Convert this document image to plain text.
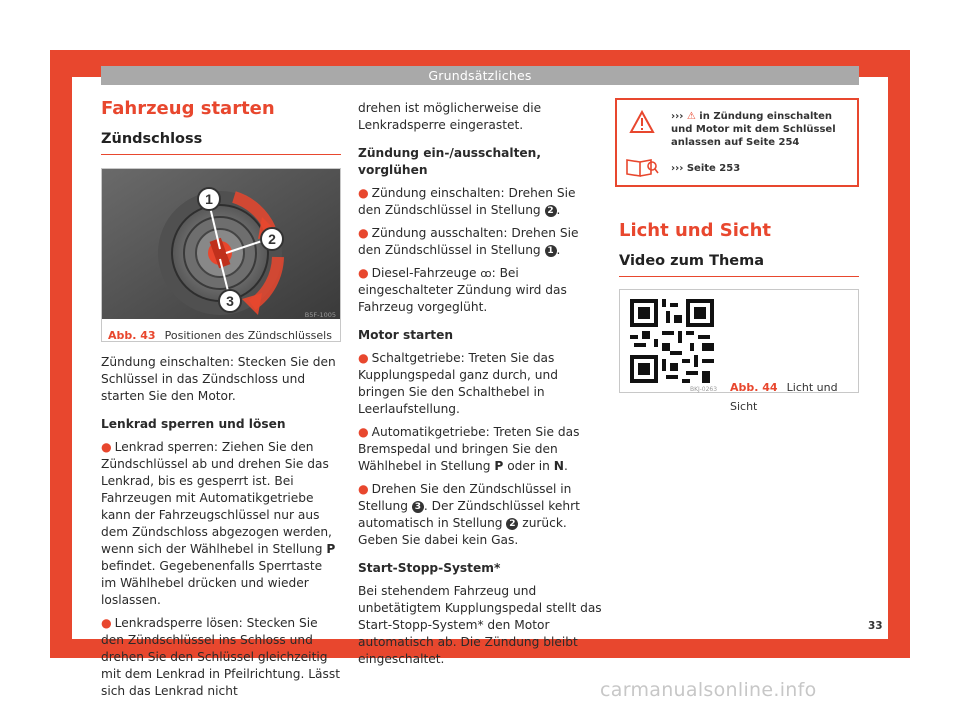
Grundsätzliches
Fahrzeug starten
Zündschloss
1
2
3
B5F-1005
Abb. 43 Positionen des Zündschlüssels

Zündung einschalten: Stecken Sie den Schlüssel in das Zündschloss und starten Sie den Motor.

Lenkrad sperren und lösen

● Lenkrad sperren: Ziehen Sie den Zündschlüssel ab und drehen Sie das Lenkrad, bis es gesperrt ist. Bei Fahrzeugen mit Automatikgetriebe kann der Fahrzeugschlüssel nur aus dem Zündschloss abgezogen werden, wenn sich der Wählhebel in Stellung P befindet. Gegebenenfalls Sperrtaste im Wählhebel drücken und wieder loslassen.

● Lenkradsperre lösen: Stecken Sie den Zündschlüssel ins Schloss und drehen Sie den Schlüssel gleichzeitig mit dem Lenkrad in Pfeilrichtung. Lässt sich das Lenkrad nicht

drehen ist möglicherweise die Lenkradsperre eingerastet.

Zündung ein-/ausschalten, vorglühen

● Zündung einschalten: Drehen Sie den Zündschlüssel in Stellung 2 .

● Zündung ausschalten: Drehen Sie den Zündschlüssel in Stellung 1 .

● Diesel-Fahrzeuge ꝏ: Bei eingeschalteter Zündung wird das Fahrzeug vorgeglüht.

Motor starten

● Schaltgetriebe: Treten Sie das Kupplungspedal ganz durch, und bringen Sie den Schalthebel in Leerlaufstellung.

● Automatikgetriebe: Treten Sie das Bremspedal und bringen Sie den Wählhebel in Stellung P oder in N.

● Drehen Sie den Zündschlüssel in Stellung 3 . Der Zündschlüssel kehrt automatisch in Stellung 2 zurück. Geben Sie dabei kein Gas.

Start-Stopp-System*

Bei stehendem Fahrzeug und unbetätigtem Kupplungspedal stellt das Start-Stopp-System* den Motor automatisch ab. Die Zündung bleibt eingeschaltet.

››› ⚠ in Zündung einschalten und Motor mit dem Schlüssel anlassen auf Seite 254
››› Seite 253
Licht und Sicht
Video zum Thema
BKJ-0263 Abb. 44 Licht und Sicht
33
carmanualsonline.info
